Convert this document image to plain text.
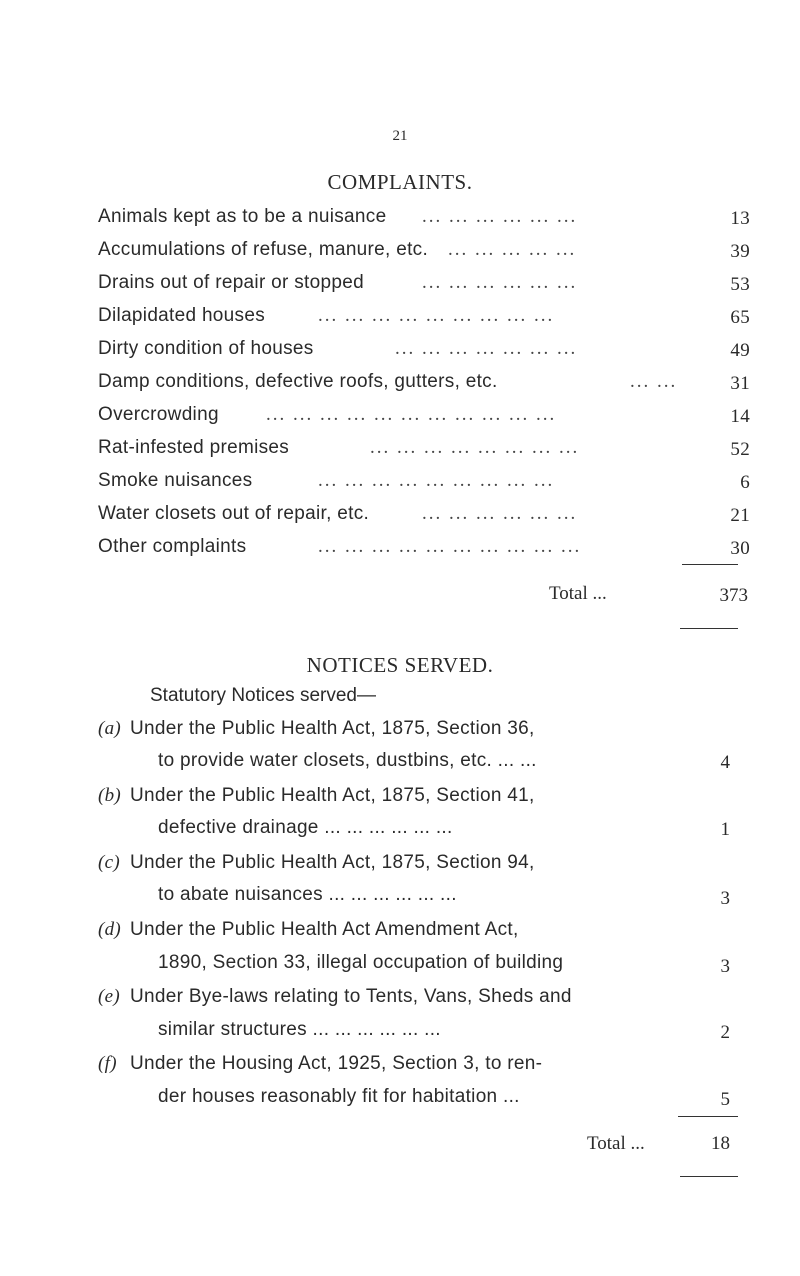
21
COMPLAINTS.
Animals kept as to be a nuisance ... ... ... ... ... ...	13
Accumulations of refuse, manure, etc. ... ... ... ... ...	39
Drains out of repair or stopped	... ... ... ... ... ...	53
Dilapidated houses	... ... ... ... ... ... ... ... ...	65
Dirty condition of houses	... ... ... ... ... ... ...	49
Damp conditions, defective roofs, gutters, etc.	... ...	31
Overcrowding ... ... ... ... ... ... ... ... ... ... ...	14
Rat-infested premises	... ... ... ... ... ... ... ...	52
Smoke nuisances	... ... ... ... ... ... ... ... ...	6
Water closets out of repair, etc.	... ... ... ... ... ...	21
Other complaints	... ... ... ... ... ... ... ... ... ...	30
Total ...	373
NOTICES SERVED.
Statutory Notices served—
(a) Under the Public Health Act, 1875, Section 36,
to provide water closets, dustbins, etc. ... ...	4
(b) Under the Public Health Act, 1875, Section 41,
defective drainage ... ... ... ... ... ...	1
(c) Under the Public Health Act, 1875, Section 94,
to abate nuisances ... ... ... ... ... ...	3
(d) Under the Public Health Act Amendment Act,
1890, Section 33, illegal occupation of building	3
(e) Under Bye-laws relating to Tents, Vans, Sheds and
similar structures ... ... ... ... ... ...	2
(f) Under the Housing Act, 1925, Section 3, to ren-
der houses reasonably fit for habitation ...	5
Total ...	18
